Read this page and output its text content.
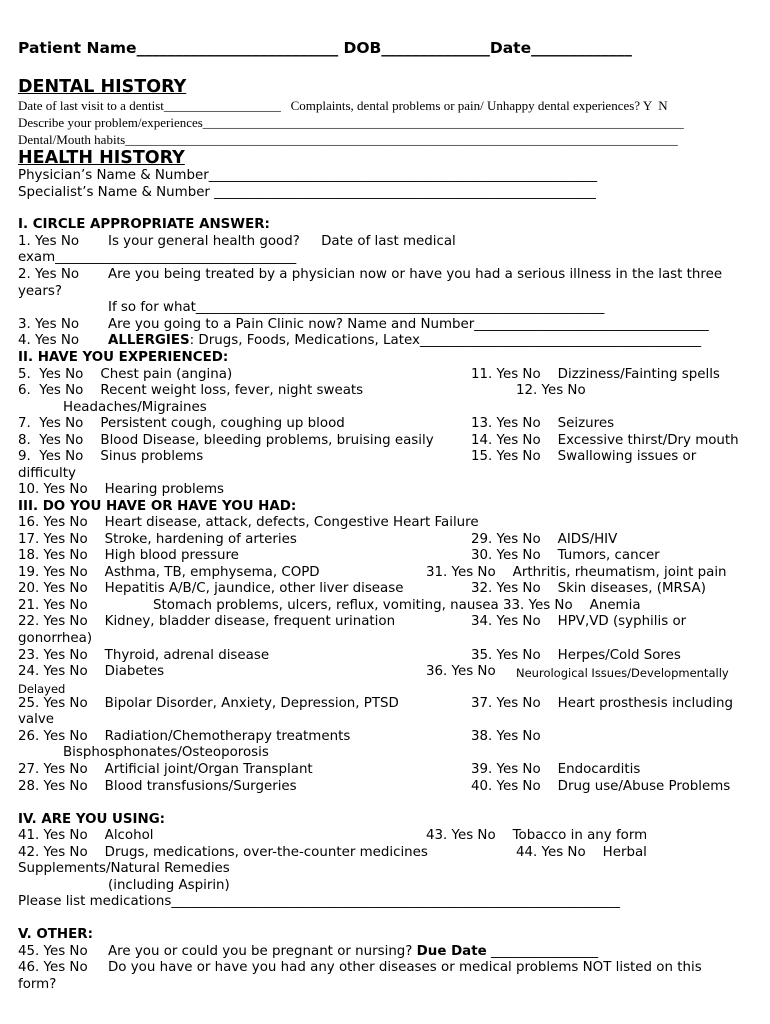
Patient Name__________________________ DOB______________Date_____________
DENTAL HISTORY
Date of last visit to a dentist__________________   Complaints, dental problems or pain/ Unhappy dental experiences? Y  N
Describe your problem/experiences__________________________________________________________________________
Dental/Mouth habits_____________________________________________________________________________________
HEALTH HISTORY
Physician’s Name & Number__________________________________________________________
Specialist’s Name & Number _________________________________________________________
I. CIRCLE APPROPRIATE ANSWER:
1. Yes No Is your general health good?     Date of last medical
exam____________________________________
2. Yes No Are you being treated by a physician now or have you had a serious illness in the last three
years?
If so for what_____________________________________________________________
3. Yes No Are you going to a Pain Clinic now? Name and Number___________________________________
4. Yes No ALLERGIES: Drugs, Foods, Medications, Latex__________________________________________
II. HAVE YOU EXPERIENCED:
5.  Yes No    Chest pain (angina)	11. Yes No    Dizziness/Fainting spells
6.  Yes No    Recent weight loss, fever, night sweats	12. Yes No
Headaches/Migraines
7.  Yes No    Persistent cough, coughing up blood	13. Yes No    Seizures
8.  Yes No    Blood Disease, bleeding problems, bruising easily	14. Yes No    Excessive thirst/Dry mouth
9.  Yes No    Sinus problems	15. Yes No    Swallowing issues or
difficulty
10. Yes No    Hearing problems
III. DO YOU HAVE OR HAVE YOU HAD:
16. Yes No    Heart disease, attack, defects, Congestive Heart Failure
17. Yes No    Stroke, hardening of arteries	29. Yes No    AIDS/HIV
18. Yes No    High blood pressure	30. Yes No    Tumors, cancer
19. Yes No    Asthma, TB, emphysema, COPD	31. Yes No    Arthritis, rheumatism, joint pain
20. Yes No    Hepatitis A/B/C, jaundice, other liver disease	32. Yes No    Skin diseases, (MRSA)
21. Yes No	Stomach problems, ulcers, reflux, vomiting, nausea 33. Yes No    Anemia
22. Yes No    Kidney, bladder disease, frequent urination	34. Yes No    HPV,VD (syphilis or
gonorrhea)
23. Yes No    Thyroid, adrenal disease	35. Yes No    Herpes/Cold Sores
24. Yes No    Diabetes	36. Yes No Neurological Issues/Developmentally
Delayed
25. Yes No    Bipolar Disorder, Anxiety, Depression, PTSD	37. Yes No    Heart prosthesis including
valve
26. Yes No    Radiation/Chemotherapy treatments	38. Yes No
Bisphosphonates/Osteoporosis
27. Yes No    Artificial joint/Organ Transplant	39. Yes No    Endocarditis
28. Yes No    Blood transfusions/Surgeries	40. Yes No    Drug use/Abuse Problems
IV. ARE YOU USING:
41. Yes No    Alcohol	43. Yes No    Tobacco in any form
42. Yes No    Drugs, medications, over-the-counter medicines	44. Yes No    Herbal
Supplements/Natural Remedies
(including Aspirin)
Please list medications___________________________________________________________________
V. OTHER:
45. Yes No Are you or could you be pregnant or nursing? Due Date ________________
46. Yes No Do you have or have you had any other diseases or medical problems NOT listed on this
form?
